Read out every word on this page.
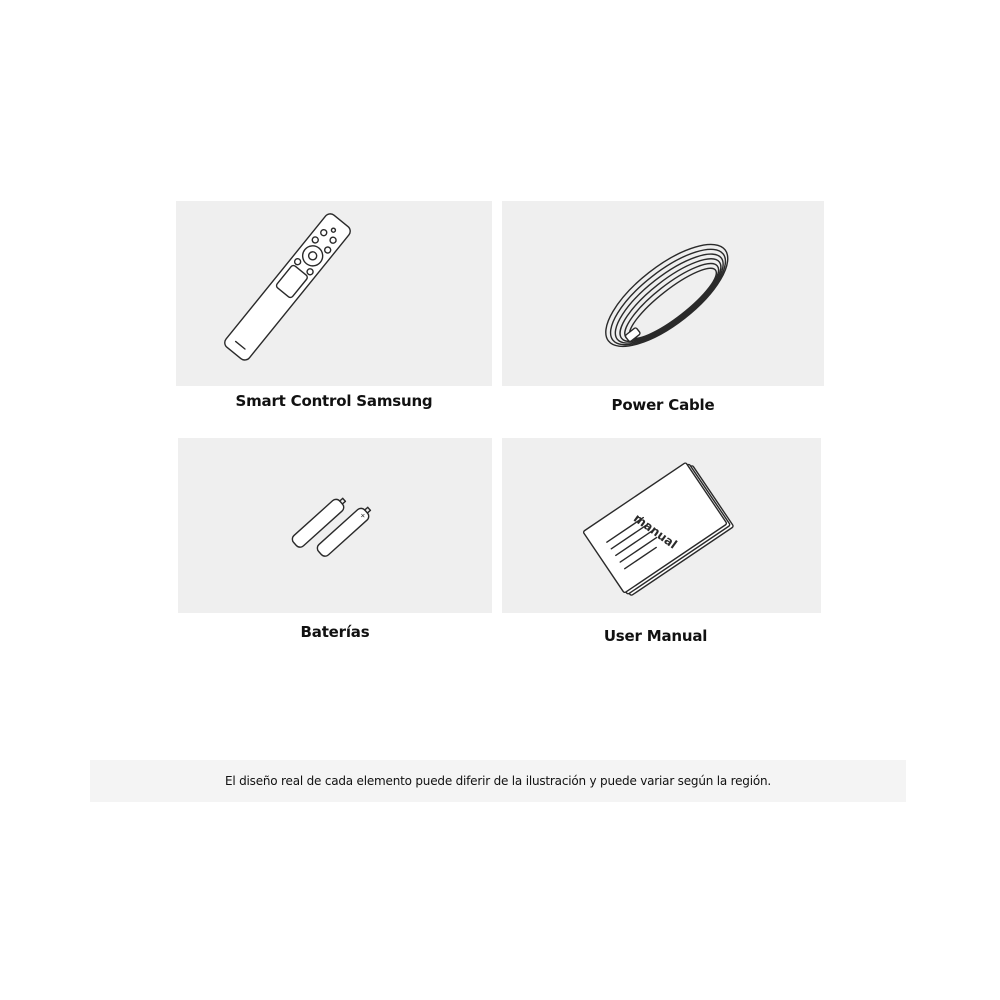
Smart Control Samsung	Power Cable
+
Baterías
manual
User Manual
El diseño real de cada elemento puede diferir de la ilustración y puede variar según la región.
